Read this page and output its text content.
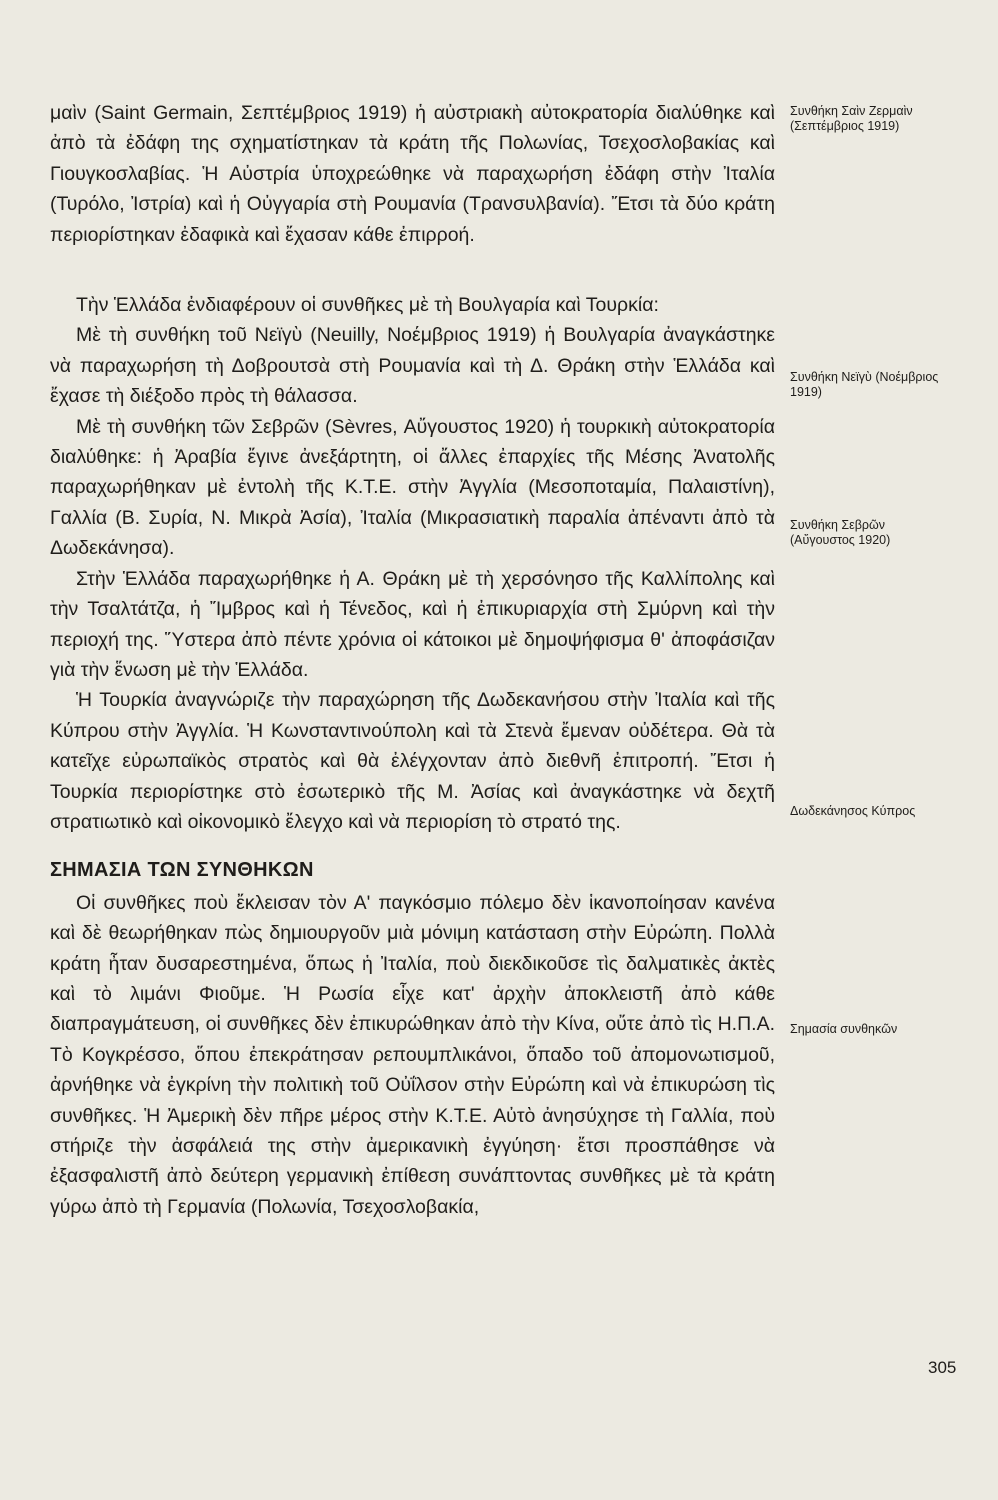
μαὶν (Saint Germain, Σεπτέμβριος 1919) ἡ αὐστριακὴ αὐτοκρατορία διαλύθηκε καὶ ἀπὸ τὰ ἐδάφη της σχηματίστηκαν τὰ κράτη τῆς Πολωνίας, Τσεχοσλοβακίας καὶ Γιουγκοσλαβίας. Ἡ Αὐστρία ὑποχρεώθηκε νὰ παραχωρήση ἐδάφη στὴν Ἰταλία (Τυρόλο, Ἰστρία) καὶ ἡ Οὐγγαρία στὴ Ρουμανία (Τρανσυλβανία). Ἔτσι τὰ δύο κράτη περιορίστηκαν ἐδαφικὰ καὶ ἔχασαν κάθε ἐπιρροή.

Τὴν Ἑλλάδα ἐνδιαφέρουν οἱ συνθῆκες μὲ τὴ Βουλγαρία καὶ Τουρκία:

Μὲ τὴ συνθήκη τοῦ Νεϊγὺ (Neuilly, Νοέμβριος 1919) ἡ Βουλγαρία ἀναγκάστηκε νὰ παραχωρήση τὴ Δοβρουτσὰ στὴ Ρουμανία καὶ τὴ Δ. Θράκη στὴν Ἑλλάδα καὶ ἔχασε τὴ διέξοδο πρὸς τὴ θάλασσα.

Μὲ τὴ συνθήκη τῶν Σεβρῶν (Sèvres, Αὔγουστος 1920) ἡ τουρκικὴ αὐτοκρατορία διαλύθηκε: ἡ Ἀραβία ἔγινε ἀνεξάρτητη, οἱ ἄλλες ἐπαρχίες τῆς Μέσης Ἀνατολῆς παραχωρήθηκαν μὲ ἐντολὴ τῆς Κ.Τ.Ε. στὴν Ἀγγλία (Μεσοποταμία, Παλαιστίνη), Γαλλία (Β. Συρία, Ν. Μικρὰ Ἀσία), Ἰταλία (Μικρασιατικὴ παραλία ἀπέναντι ἀπὸ τὰ Δωδεκάνησα).

Στὴν Ἑλλάδα παραχωρήθηκε ἡ Α. Θράκη μὲ τὴ χερσόνησο τῆς Καλλίπολης καὶ τὴν Τσαλτάτζα, ἡ Ἴμβρος καὶ ἡ Τένεδος, καὶ ἡ ἐπικυριαρχία στὴ Σμύρνη καὶ τὴν περιοχή της. Ὕστερα ἀπὸ πέντε χρόνια οἱ κάτοικοι μὲ δημοψήφισμα θ' ἀποφάσιζαν γιὰ τὴν ἕνωση μὲ τὴν Ἑλλάδα.

Ἡ Τουρκία ἀναγνώριζε τὴν παραχώρηση τῆς Δωδεκανήσου στὴν Ἰταλία καὶ τῆς Κύπρου στὴν Ἀγγλία. Ἡ Κωνσταντινούπολη καὶ τὰ Στενὰ ἔμεναν οὐδέτερα. Θὰ τὰ κατεῖχε εὐρωπαϊκὸς στρατὸς καὶ θὰ ἐλέγχονταν ἀπὸ διεθνῆ ἐπιτροπή. Ἔτσι ἡ Τουρκία περιορίστηκε στὸ ἐσωτερικὸ τῆς Μ. Ἀσίας καὶ ἀναγκάστηκε νὰ δεχτῆ στρατιωτικὸ καὶ οἰκονομικὸ ἔλεγχο καὶ νὰ περιορίση τὸ στρατό της.

ΣΗΜΑΣΙΑ ΤΩΝ ΣΥΝΘΗΚΩΝ

Οἱ συνθῆκες ποὺ ἔκλεισαν τὸν Α' παγκόσμιο πόλεμο δὲν ἱκανοποίησαν κανένα καὶ δὲ θεωρήθηκαν πὼς δημιουργοῦν μιὰ μόνιμη κατάσταση στὴν Εὐρώπη. Πολλὰ κράτη ἦταν δυσαρεστημένα, ὅπως ἡ Ἰταλία, ποὺ διεκδικοῦσε τὶς δαλματικὲς ἀκτὲς καὶ τὸ λιμάνι Φιοῦμε. Ἡ Ρωσία εἶχε κατ' ἀρχὴν ἀποκλειστῆ ἀπὸ κάθε διαπραγμάτευση, οἱ συνθῆκες δὲν ἐπικυρώθηκαν ἀπὸ τὴν Κίνα, οὔτε ἀπὸ τὶς Η.Π.Α. Τὸ Κογκρέσσο, ὅπου ἐπεκράτησαν ρεπουμπλικάνοι, ὅπαδο τοῦ ἀπομονωτισμοῦ, ἀρνήθηκε νὰ ἐγκρίνη τὴν πολιτικὴ τοῦ Οὐΐλσον στὴν Εὐρώπη καὶ νὰ ἐπικυρώση τὶς συνθῆκες. Ἡ Ἀμερικὴ δὲν πῆρε μέρος στὴν Κ.Τ.Ε. Αὐτὸ ἀνησύχησε τὴ Γαλλία, ποὺ στήριζε τὴν ἀσφάλειά της στὴν ἀμερικανικὴ ἐγγύηση· ἔτσι προσπάθησε νὰ ἐξασφαλιστῆ ἀπὸ δεύτερη γερμανικὴ ἐπίθεση συνάπτοντας συνθῆκες μὲ τὰ κράτη γύρω ἀπὸ τὴ Γερμανία (Πολωνία, Τσεχοσλοβακία,

Συνθήκη Σαὶν Ζερμαὶν (Σεπτέμβριος 1919)
Συνθήκη Νεϊγὺ (Νοέμβριος 1919)
Συνθήκη Σεβρῶν (Αὔγουστος 1920)
Δωδεκάνησος Κύπρος
Σημασία συνθηκῶν
305
